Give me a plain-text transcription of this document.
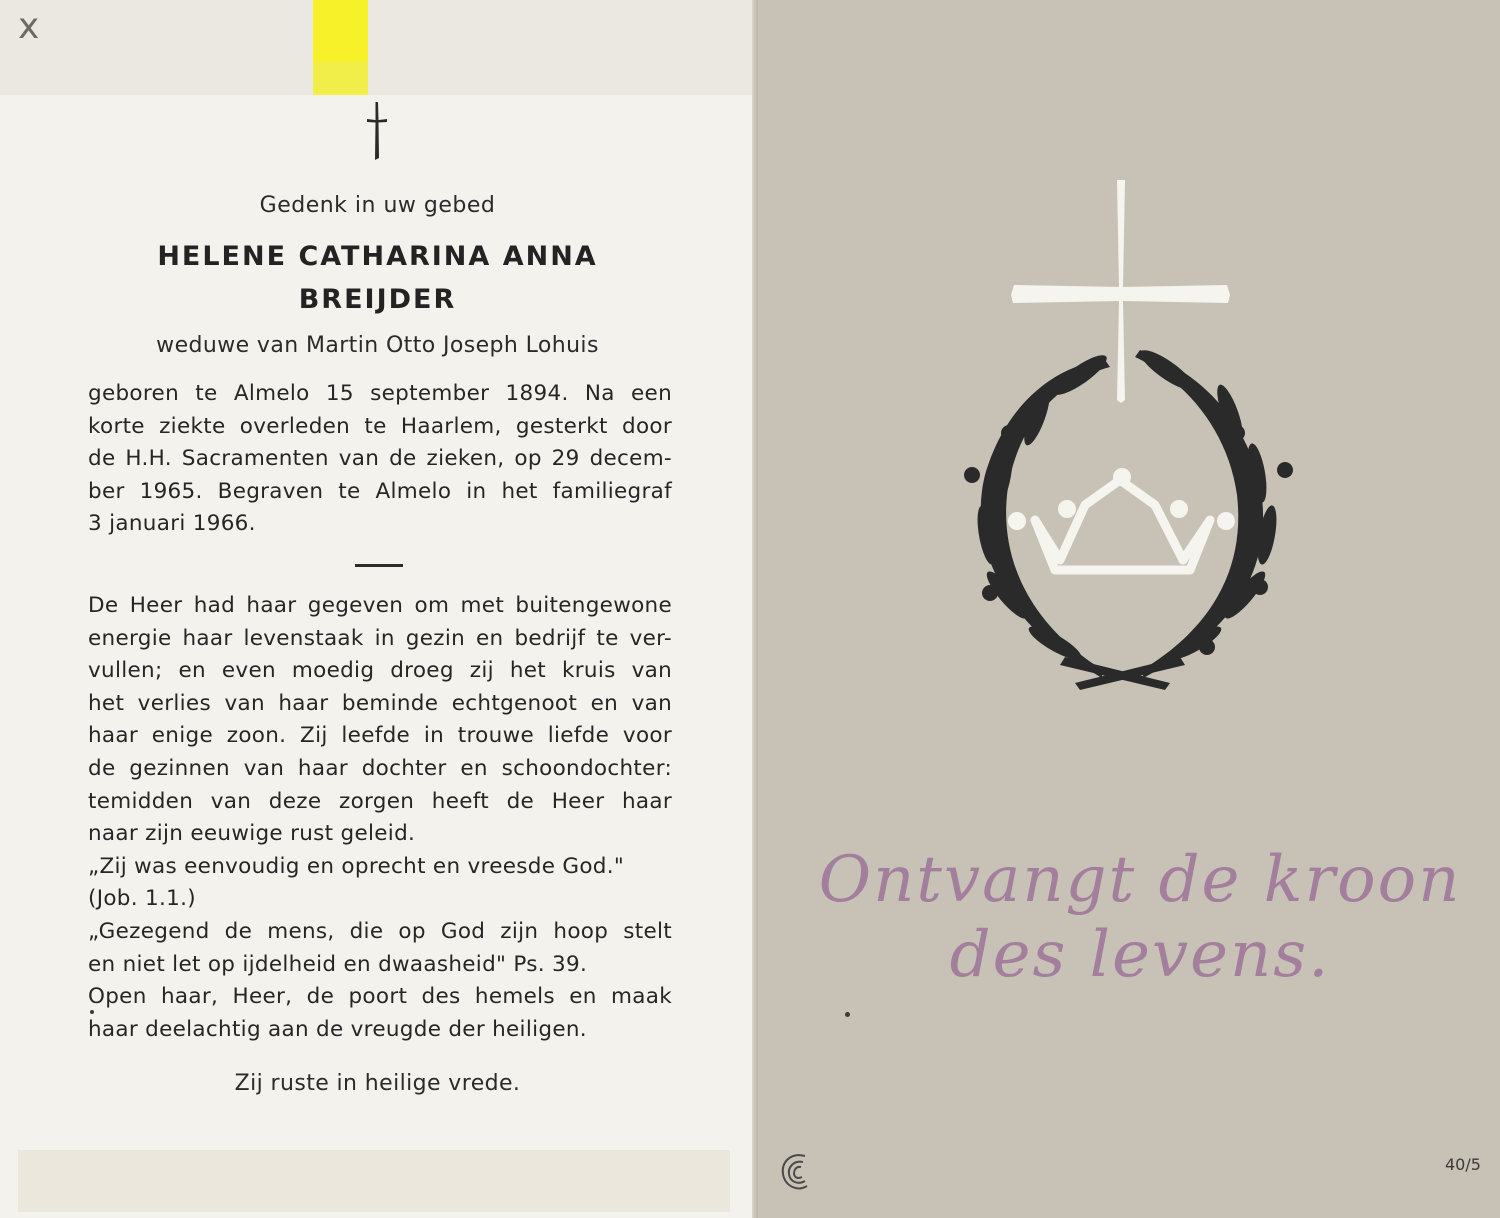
x
Gedenk in uw gebed
HELENE CATHARINA ANNA
BREIJDER
weduwe van Martin Otto Joseph Lohuis
geboren te Almelo 15 september 1894. Na een
korte ziekte overleden te Haarlem, gesterkt door
de H.H. Sacramenten van de zieken, op 29 decem-
ber 1965. Begraven te Almelo in het familiegraf
3 januari 1966.
De Heer had haar gegeven om met buitengewone
energie haar levenstaak in gezin en bedrijf te ver-
vullen; en even moedig droeg zij het kruis van
het verlies van haar beminde echtgenoot en van
haar enige zoon. Zij leefde in trouwe liefde voor
de gezinnen van haar dochter en schoondochter:
temidden van deze zorgen heeft de Heer haar
naar zijn eeuwige rust geleid.
„Zij was eenvoudig en oprecht en vreesde God."
(Job. 1.1.)
„Gezegend de mens, die op God zijn hoop stelt
en niet let op ijdelheid en dwaasheid" Ps. 39.
Open haar, Heer, de poort des hemels en maak
haar deelachtig aan de vreugde der heiligen.
Zij ruste in heilige vrede.
Ontvangt de kroon
des levens.
40/5
